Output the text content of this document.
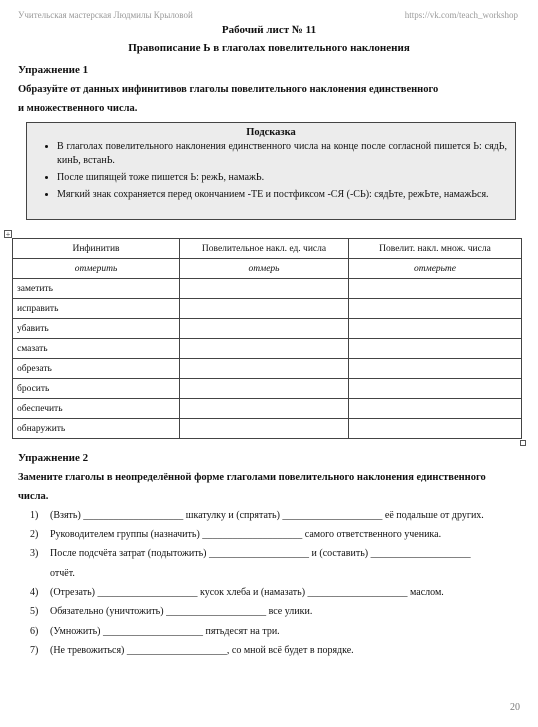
Учительская мастерская Людмилы Крыловой	https://vk.com/teach_workshop
Рабочий лист № 11
Правописание Ь в глаголах повелительного наклонения
Упражнение 1
Образуйте от данных инфинитивов глаголы повелительного наклонения единственного
и множественного числа.
Подсказка
• В глаголах повелительного наклонения единственного числа на конце после согласной пишется Ь: сядЬ, кинЬ, встанЬ.
• После шипящей тоже пишется Ь: режЬ, намажЬ.
• Мягкий знак сохраняется перед окончанием -ТЕ и постфиксом -СЯ (-СЬ): сядЬте, режЬте, намажЬся.
+
Инфинитив	Повелительное накл. ед. числа	Повелит. накл. множ. числа
отмерить	отмерь	отмерьте
заметить		
исправить		
убавить		
смазать		
обрезать		
бросить		
обеспечить		
обнаружить		
Упражнение 2
Замените глаголы в неопределённой форме глаголами повелительного наклонения единственного
числа.
1) (Взять) ____________________ шкатулку и (спрятать) ____________________ её подальше от других.
2) Руководителем группы (назначить) ____________________ самого ответственного ученика.
3) После подсчёта затрат (подытожить) ____________________ и (составить) ____________________
отчёт.
4) (Отрезать) ____________________ кусок хлеба и (намазать) ____________________ маслом.
5) Обязательно (уничтожить) ____________________ все улики.
6) (Умножить) ____________________ пятьдесят на три.
7) (Не тревожиться) ____________________, со мной всё будет в порядке.
20
